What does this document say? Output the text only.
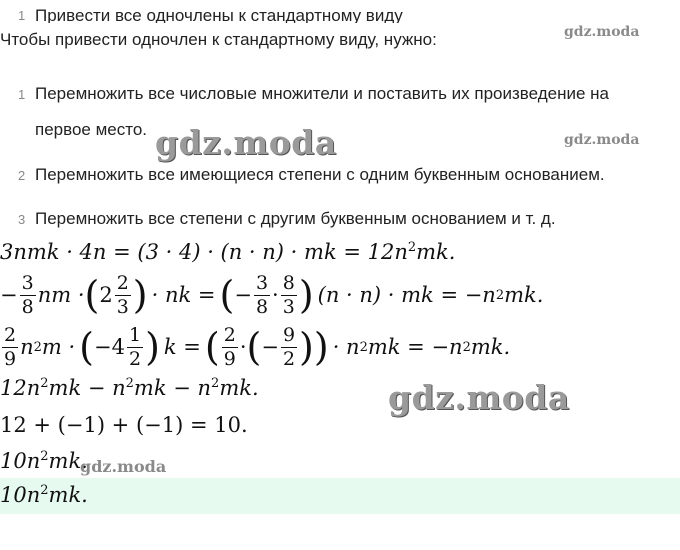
1 Привести все одночлены к стандартному виду
Чтобы привести одночлен к стандартному виду, нужно:	gdz.moda
1 Перемножить все числовые множители и поставить их произведение на
первое место. gdz.moda	gdz.moda
2 Перемножить все имеющиеся степени с одним буквенным основанием.
3 Перемножить все степени с другим буквенным основанием и т. д.
3nmk · 4n = (3 · 4) · (n · n) · mk = $12n^2mk$.
− $\frac{3}{8}$ nm · ( $2 \frac{2}{3}$ ) · nk = ( − $\frac{3}{8} \cdot \frac{8}{3}$ ) (n · n) · mk = −n 2 mk.
$\frac{2}{9}$ n 2 m · ( $-4 \frac{1}{2}$ ) k = ( $\frac{2}{9}$ · ( − $\frac{9}{2}$ ) ) · n 2 mk = −n 2 mk.
$12n^2mk - n^2mk - n^2mk$.	gdz.moda
12 + (−1) + (−1) = 10.
$10n^2mk$.
gdz.moda
$10n^2mk$.
